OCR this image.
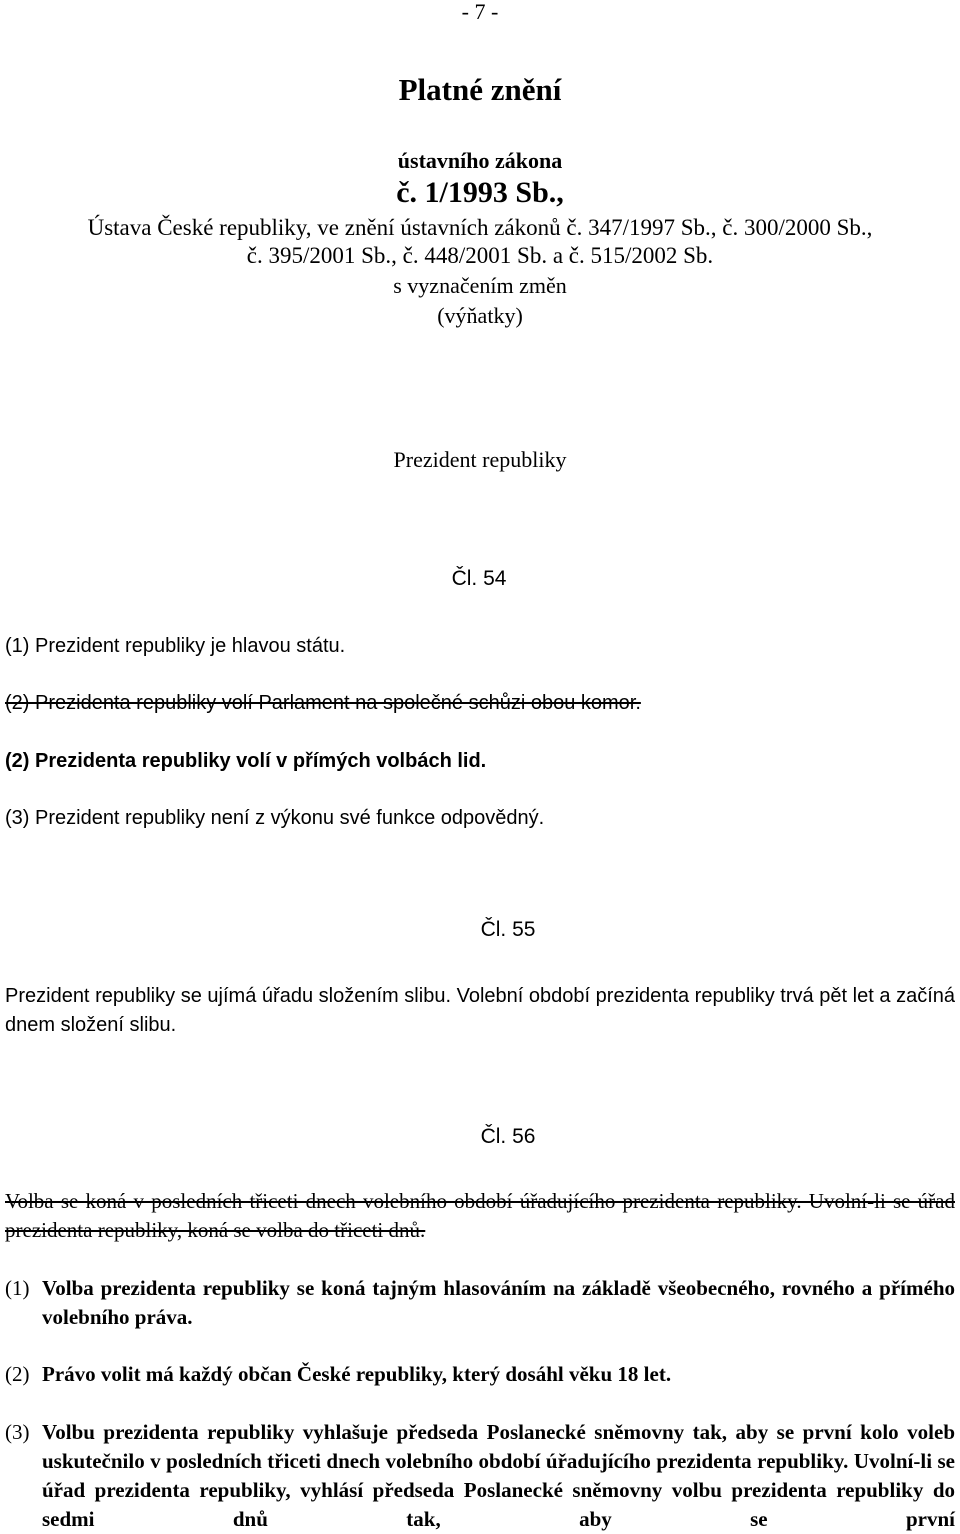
- 7 -
Platné znění
ústavního zákona
č. 1/1993 Sb.,
Ústava České republiky, ve znění ústavních zákonů č. 347/1997 Sb., č. 300/2000 Sb.,
č. 395/2001 Sb., č. 448/2001 Sb. a č. 515/2002 Sb.
s vyznačením změn
(výňatky)
Prezident republiky
Čl. 54
(1) Prezident republiky je hlavou státu.
(2) Prezidenta republiky volí Parlament na společné schůzi obou komor.
(2) Prezidenta republiky volí v přímých volbách lid.
(3) Prezident republiky není z výkonu své funkce odpovědný.
Čl. 55
Prezident republiky se ujímá úřadu složením slibu. Volební období prezidenta republiky trvá pět let a začíná dnem složení slibu.
Čl. 56
Volba se koná v posledních třiceti dnech volebního období úřadujícího prezidenta republiky. Uvolní-li se úřad prezidenta republiky, koná se volba do třiceti dnů.
(1) Volba prezidenta republiky se koná tajným hlasováním na základě všeobecného, rovného a přímého volebního práva.
(2) Právo volit má každý občan České republiky, který dosáhl věku 18 let.
(3) Volbu prezidenta republiky vyhlašuje předseda Poslanecké sněmovny tak, aby se první kolo voleb uskutečnilo v posledních třiceti dnech volebního období úřadujícího prezidenta republiky. Uvolní-li se úřad prezidenta republiky, vyhlásí předseda Poslanecké sněmovny volbu prezidenta republiky do sedmi dnů tak, aby se první
